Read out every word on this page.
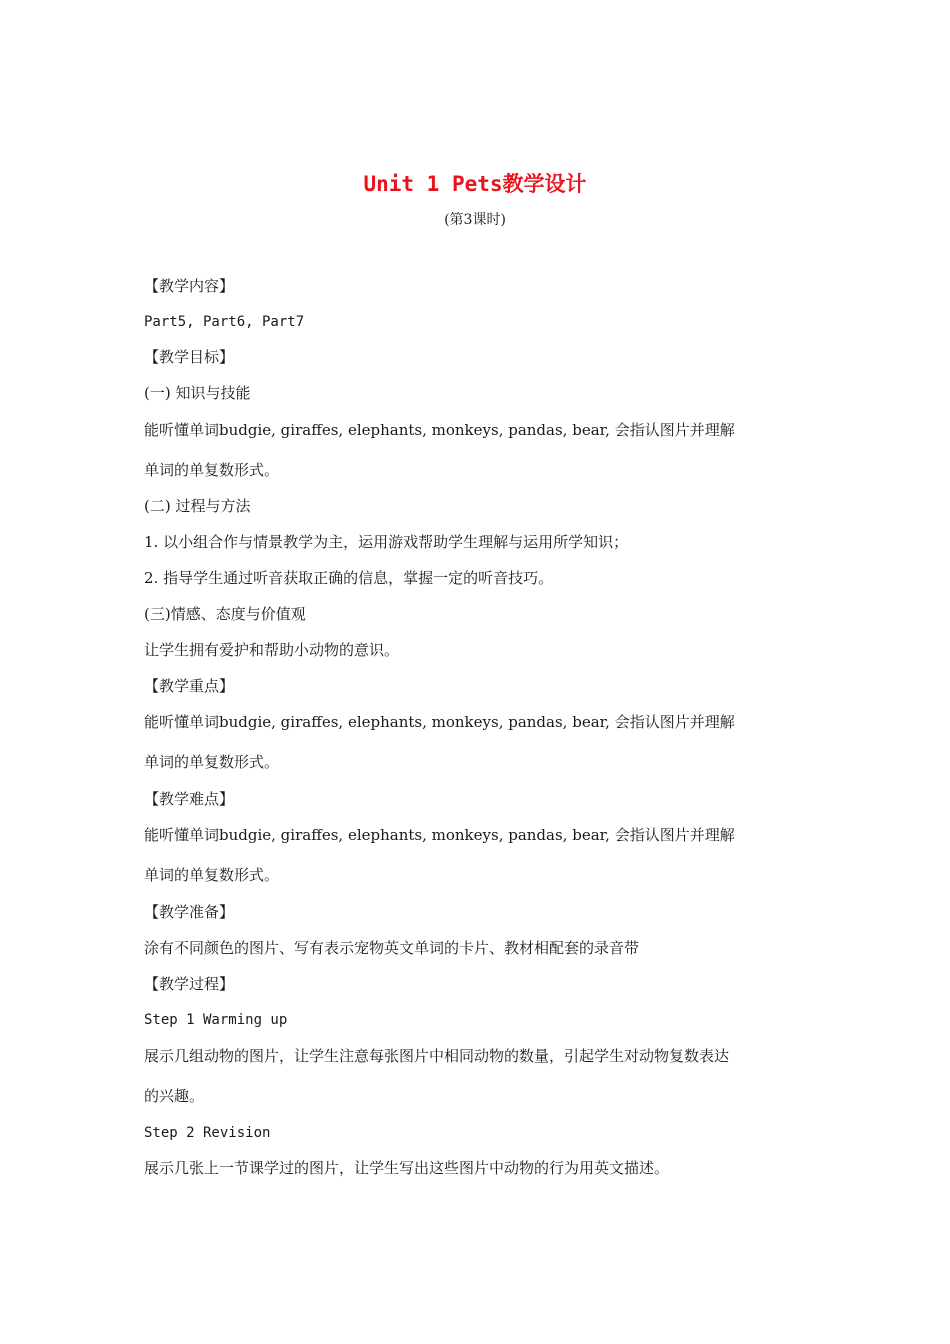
Unit 1 Pets教学设计
(第3课时)
【教学内容】
Part5, Part6, Part7
【教学目标】
(一) 知识与技能
能听懂单词budgie, giraffes, elephants, monkeys, pandas, bear, 会指认图片并理解
单词的单复数形式。
(二) 过程与方法
1. 以小组合作与情景教学为主，运用游戏帮助学生理解与运用所学知识；
2. 指导学生通过听音获取正确的信息，掌握一定的听音技巧。
(三)情感、态度与价值观
让学生拥有爱护和帮助小动物的意识。
【教学重点】
能听懂单词budgie, giraffes, elephants, monkeys, pandas, bear, 会指认图片并理解
单词的单复数形式。
【教学难点】
能听懂单词budgie, giraffes, elephants, monkeys, pandas, bear, 会指认图片并理解
单词的单复数形式。
【教学准备】
涂有不同颜色的图片、写有表示宠物英文单词的卡片、教材相配套的录音带
【教学过程】
Step 1 Warming up
展示几组动物的图片，让学生注意每张图片中相同动物的数量，引起学生对动物复数表达
的兴趣。
Step 2 Revision
展示几张上一节课学过的图片，让学生写出这些图片中动物的行为用英文描述。
